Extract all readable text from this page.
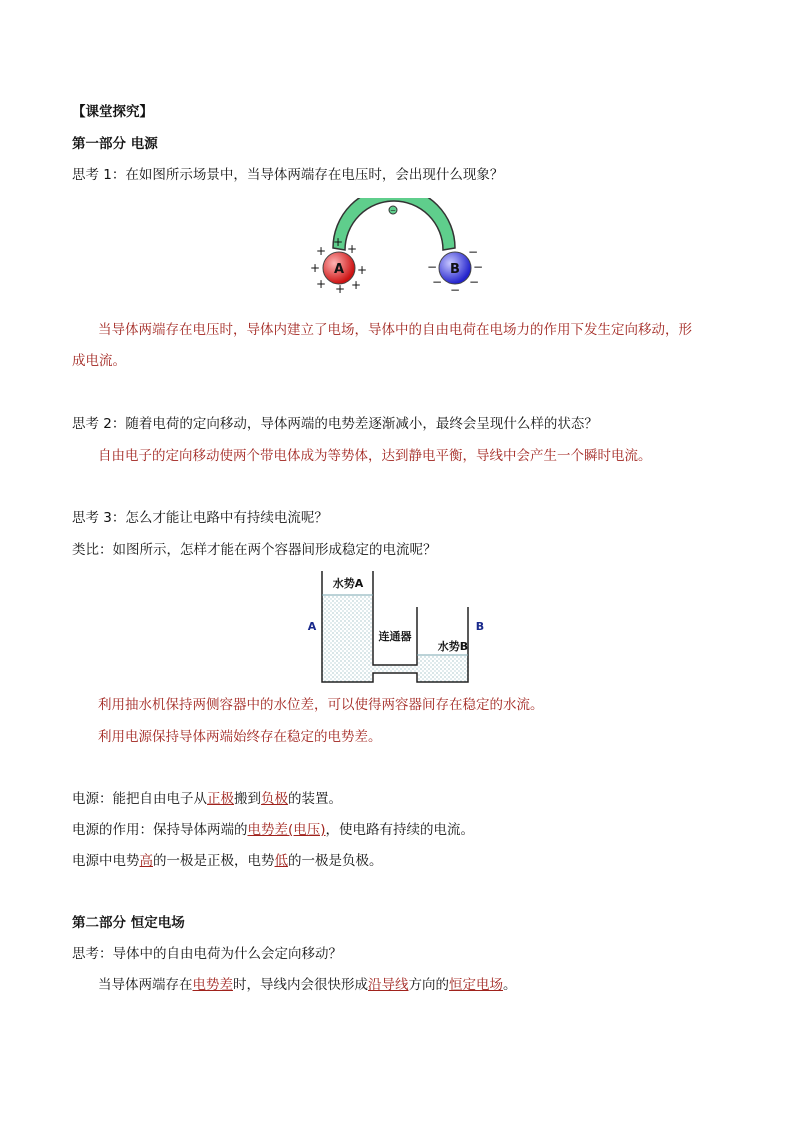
【课堂探究】
第一部分 电源
思考 1：在如图所示场景中，当导体两端存在电压时，会出现什么现象？
−
A	B
+
+ +
+	+
+ + +
−
−	−
− −
−
当导体两端存在电压时，导体内建立了电场，导体中的自由电荷在电场力的作用下发生定向移动，形
成电流。
思考 2：随着电荷的定向移动，导体两端的电势差逐渐减小，最终会呈现什么样的状态？
自由电子的定向移动使两个带电体成为等势体，达到静电平衡，导线中会产生一个瞬时电流。
思考 3：怎么才能让电路中有持续电流呢？
类比：如图所示，怎样才能在两个容器间形成稳定的电流呢？
水势A
水势B
连通器
A	B
利用抽水机保持两侧容器中的水位差，可以使得两容器间存在稳定的水流。
利用电源保持导体两端始终存在稳定的电势差。
电源：能把自由电子从正极搬到负极的装置。
电源的作用：保持导体两端的电势差(电压)，使电路有持续的电流。
电源中电势高的一极是正极，电势低的一极是负极。
第二部分 恒定电场
思考：导体中的自由电荷为什么会定向移动？
当导体两端存在电势差时，导线内会很快形成沿导线方向的恒定电场。
